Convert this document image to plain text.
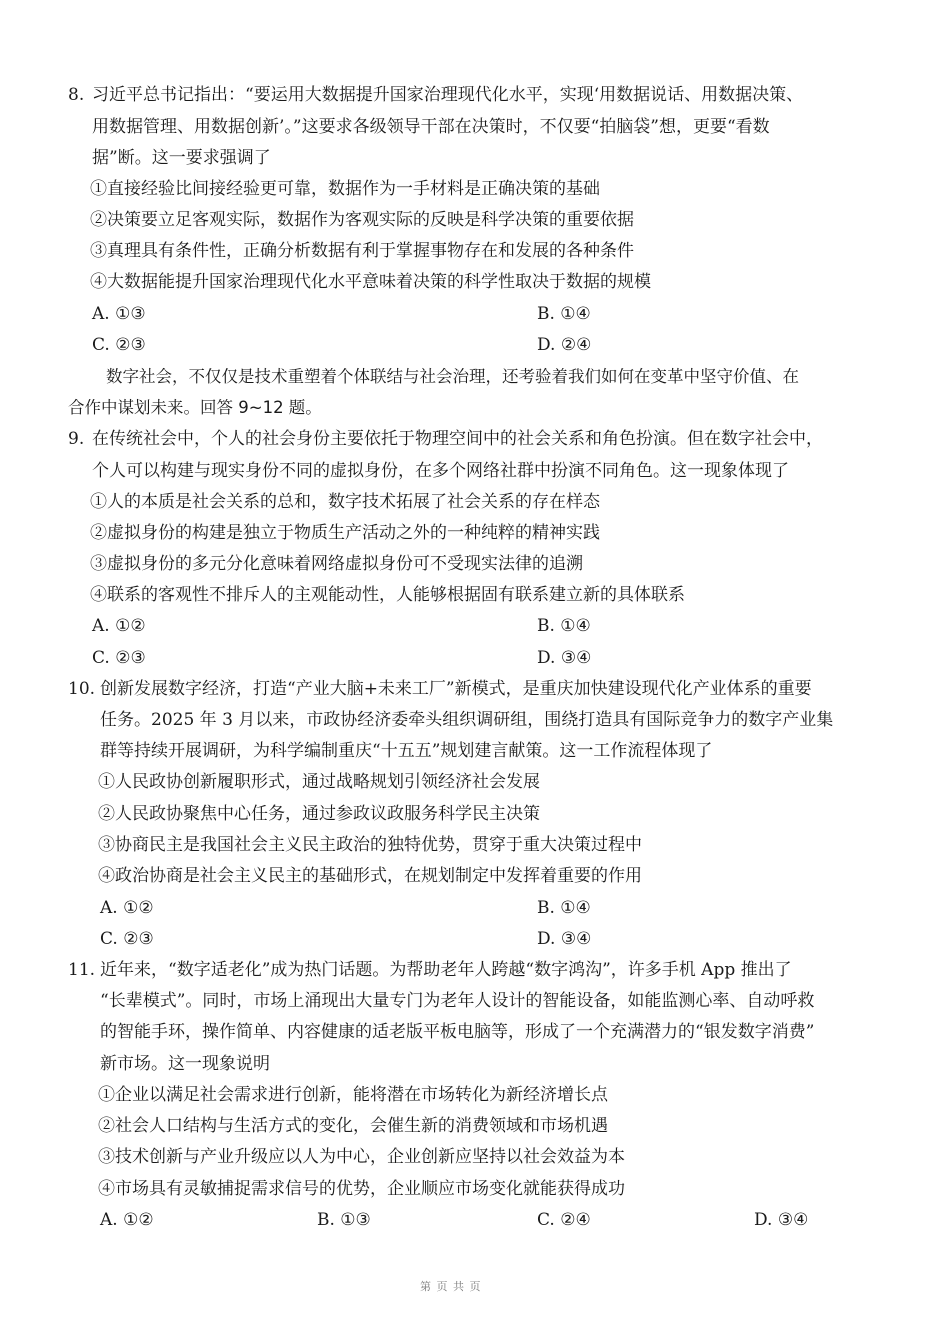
8. 习近平总书记指出：“要运用大数据提升国家治理现代化水平，实现‘用数据说话、用数据决策、
用数据管理、用数据创新’。”这要求各级领导干部在决策时，不仅要“拍脑袋”想，更要“看数
据”断。这一要求强调了
①直接经验比间接经验更可靠，数据作为一手材料是正确决策的基础
②决策要立足客观实际，数据作为客观实际的反映是科学决策的重要依据
③真理具有条件性，正确分析数据有利于掌握事物存在和发展的各种条件
④大数据能提升国家治理现代化水平意味着决策的科学性取决于数据的规模
A. ①③	B. ①④
C. ②③	D. ②④
数字社会，不仅仅是技术重塑着个体联结与社会治理，还考验着我们如何在变革中坚守价值、在
合作中谋划未来。回答 9~12 题。
9. 在传统社会中，个人的社会身份主要依托于物理空间中的社会关系和角色扮演。但在数字社会中，
个人可以构建与现实身份不同的虚拟身份，在多个网络社群中扮演不同角色。这一现象体现了
①人的本质是社会关系的总和，数字技术拓展了社会关系的存在样态
②虚拟身份的构建是独立于物质生产活动之外的一种纯粹的精神实践
③虚拟身份的多元分化意味着网络虚拟身份可不受现实法律的追溯
④联系的客观性不排斥人的主观能动性，人能够根据固有联系建立新的具体联系
A. ①②	B. ①④
C. ②③	D. ③④
10. 创新发展数字经济，打造“产业大脑+未来工厂”新模式，是重庆加快建设现代化产业体系的重要
任务。2025 年 3 月以来，市政协经济委牵头组织调研组，围绕打造具有国际竞争力的数字产业集
群等持续开展调研，为科学编制重庆“十五五”规划建言献策。这一工作流程体现了
①人民政协创新履职形式，通过战略规划引领经济社会发展
②人民政协聚焦中心任务，通过参政议政服务科学民主决策
③协商民主是我国社会主义民主政治的独特优势，贯穿于重大决策过程中
④政治协商是社会主义民主的基础形式，在规划制定中发挥着重要的作用
A. ①②	B. ①④
C. ②③	D. ③④
11. 近年来，“数字适老化”成为热门话题。为帮助老年人跨越“数字鸿沟”，许多手机 App 推出了
“长辈模式”。同时，市场上涌现出大量专门为老年人设计的智能设备，如能监测心率、自动呼救
的智能手环，操作简单、内容健康的适老版平板电脑等，形成了一个充满潜力的“银发数字消费”
新市场。这一现象说明
①企业以满足社会需求进行创新，能将潜在市场转化为新经济增长点
②社会人口结构与生活方式的变化，会催生新的消费领域和市场机遇
③技术创新与产业升级应以人为中心，企业创新应坚持以社会效益为本
④市场具有灵敏捕捉需求信号的优势，企业顺应市场变化就能获得成功
A. ①②	B. ①③	C. ②④	D. ③④
第 页 共 页
